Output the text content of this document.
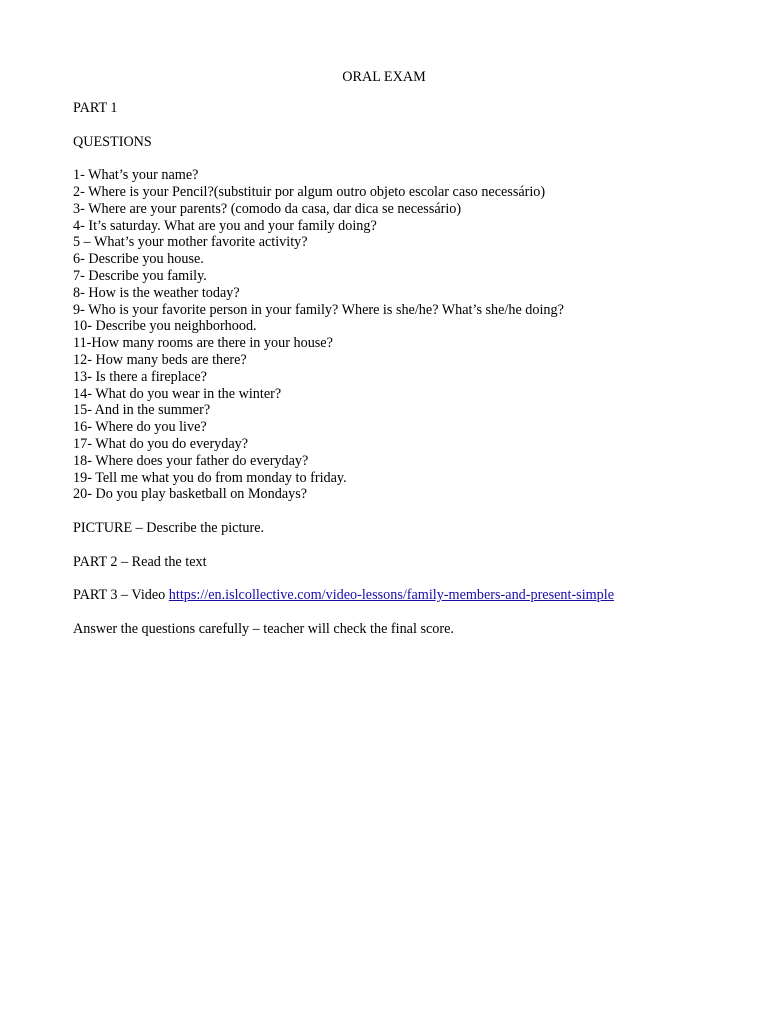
ORAL EXAM
PART 1
QUESTIONS
1- What’s your name?
2- Where is your Pencil?(substituir por algum outro objeto escolar caso necessário)
3- Where are your parents? (comodo da casa, dar dica se necessário)
4- It’s saturday. What are you and your family doing?
5 – What’s your mother favorite activity?
6- Describe you house.
7- Describe you family.
8- How is the weather today?
9- Who is your favorite person in your family? Where is she/he? What’s she/he doing?
10- Describe you neighborhood.
11-How many rooms are there in your house?
12- How many beds are there?
13- Is there a fireplace?
14- What do you wear in the winter?
15- And in the summer?
16- Where do you live?
17- What do you do everyday?
18- Where does your father do everyday?
19- Tell me what you do from monday to friday.
20- Do you play basketball on Mondays?
PICTURE – Describe the picture.
PART 2 – Read the text
PART 3 – Video https://en.islcollective.com/video-lessons/family-members-and-present-simple
Answer the questions carefully – teacher will check the final score.
